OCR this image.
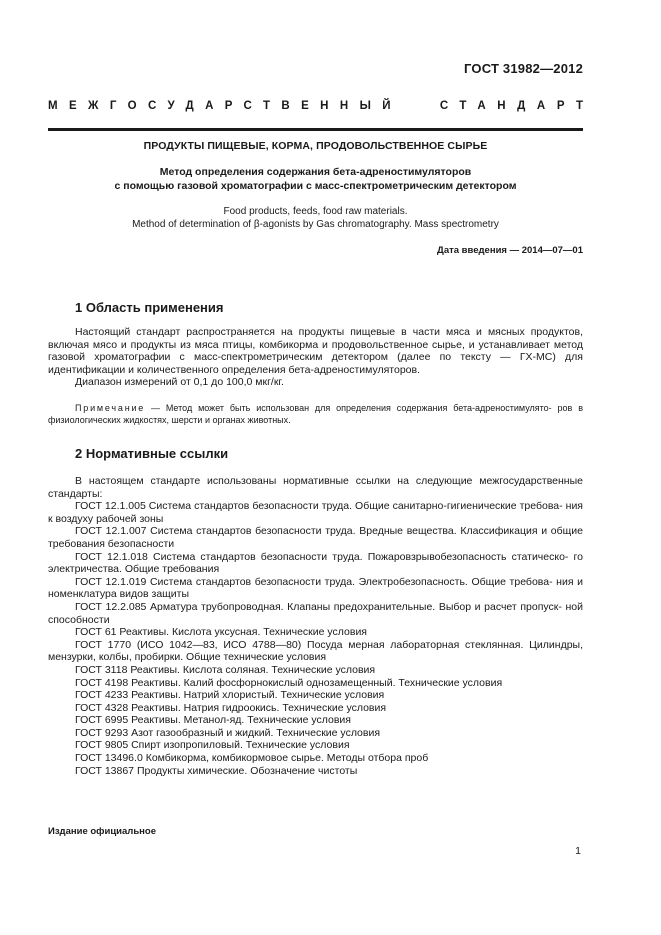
ГОСТ 31982—2012
МЕЖГОСУДАРСТВЕННЫЙ	СТАНДАРТ
ПРОДУКТЫ ПИЩЕВЫЕ, КОРМА, ПРОДОВОЛЬСТВЕННОЕ СЫРЬЕ
Метод определения содержания бета-адреностимуляторов
с помощью газовой хроматографии с масс-спектрометрическим детектором
Food products, feeds, food raw materials.
Method of determination of β-agonists by Gas chromatography. Mass spectrometry
Дата введения — 2014—07—01
1 Область применения

Настоящий стандарт распространяется на продукты пищевые в части мяса и мясных продуктов, включая мясо и продукты из мяса птицы, комбикорма и продовольственное сырье, и устанавливает метод газовой хроматографии с масс-спектрометрическим детектором (далее по тексту — ГХ-МС) для идентификации и количественного определения бета-адреностимуляторов.

Диапазон измерений от 0,1 до 100,0 мкг/кг.

Примечание — Метод может быть использован для определения содержания бета-адреностимулято- ров в физиологических жидкостях, шерсти и органах животных.
2 Нормативные ссылки

В настоящем стандарте использованы нормативные ссылки на следующие межгосударственные стандарты:

ГОСТ 12.1.005 Система стандартов безопасности труда. Общие санитарно-гигиенические требова- ния к воздуху рабочей зоны

ГОСТ 12.1.007 Система стандартов безопасности труда. Вредные вещества. Классификация и общие требования безопасности

ГОСТ 12.1.018 Система стандартов безопасности труда. Пожаровзрывобезопасность статическо- го электричества. Общие требования

ГОСТ 12.1.019 Система стандартов безопасности труда. Электробезопасность. Общие требова- ния и номенклатура видов защиты

ГОСТ 12.2.085 Арматура трубопроводная. Клапаны предохранительные. Выбор и расчет пропуск- ной способности

ГОСТ 61 Реактивы. Кислота уксусная. Технические условия

ГОСТ 1770 (ИСО 1042—83, ИСО 4788—80) Посуда мерная лабораторная стеклянная. Цилиндры, мензурки, колбы, пробирки. Общие технические условия

ГОСТ 3118 Реактивы. Кислота соляная. Технические условия

ГОСТ 4198 Реактивы. Калий фосфорнокислый однозамещенный. Технические условия

ГОСТ 4233 Реактивы. Натрий хлористый. Технические условия

ГОСТ 4328 Реактивы. Натрия гидроокись. Технические условия

ГОСТ 6995 Реактивы. Метанол-яд. Технические условия

ГОСТ 9293 Азот газообразный и жидкий. Технические условия

ГОСТ 9805 Спирт изопропиловый. Технические условия

ГОСТ 13496.0 Комбикорма, комбикормовое сырье. Методы отбора проб

ГОСТ 13867 Продукты химические. Обозначение чистоты

Издание официальное
1
